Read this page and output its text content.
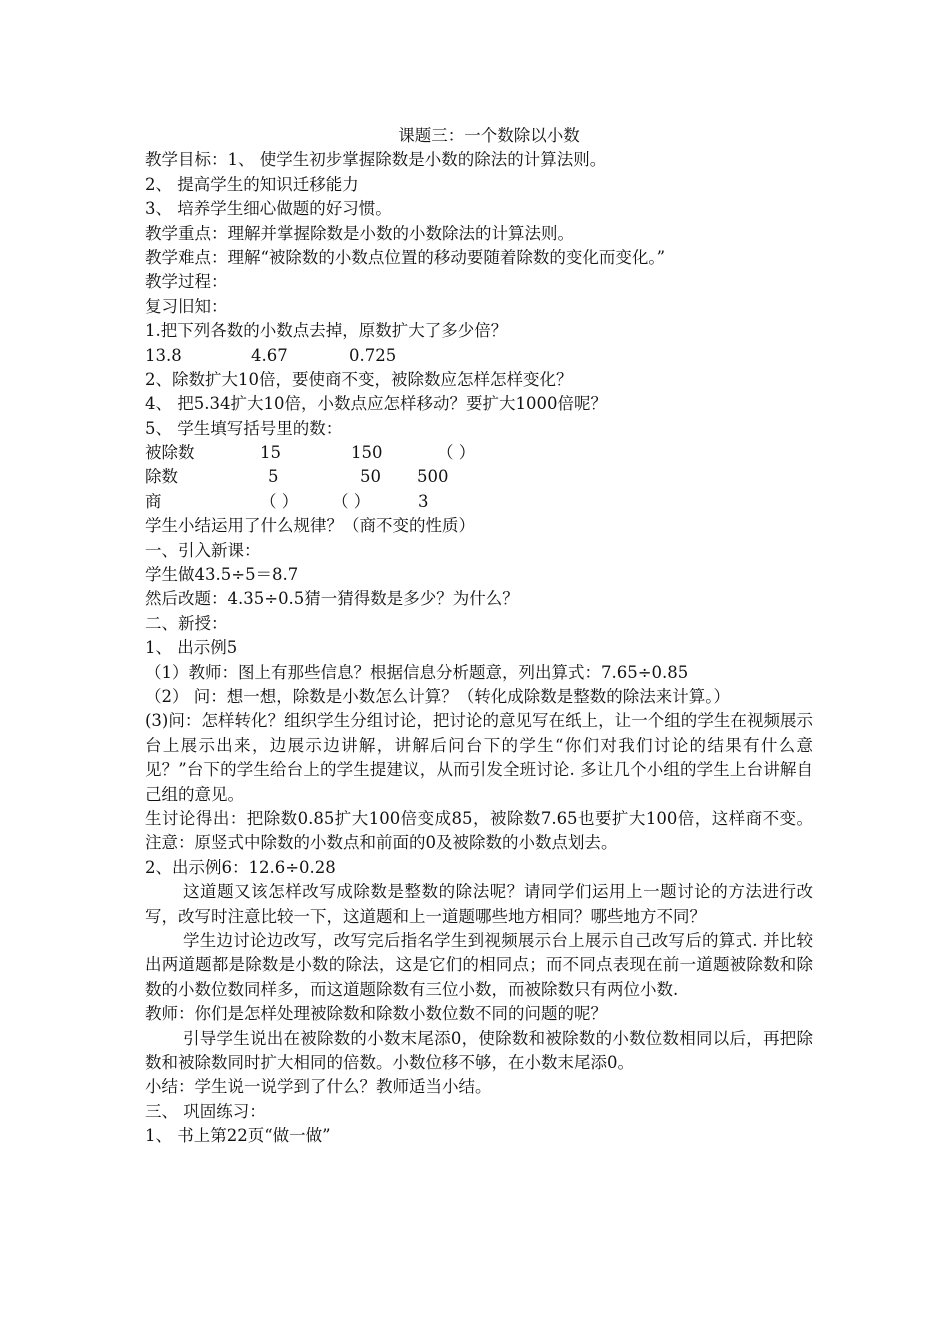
课题三：一个数除以小数
教学目标：1、 使学生初步掌握除数是小数的除法的计算法则。
2、 提高学生的知识迁移能力
3、 培养学生细心做题的好习惯。
教学重点：理解并掌握除数是小数的小数除法的计算法则。
教学难点：理解“被除数的小数点位置的移动要随着除数的变化而变化。”
教学过程：
复习旧知：
1.把下列各数的小数点去掉，原数扩大了多少倍？
13.8	4.67	0.725
2、除数扩大10倍，要使商不变，被除数应怎样怎样变化？
4、 把5.34扩大10倍，小数点应怎样移动？要扩大1000倍呢？
5、 学生填写括号里的数：
被除数	15	150	（ ）
除数	5	50 500
商	（ ） （ ）	3
学生小结运用了什么规律？（商不变的性质）
一、引入新课：
学生做43.5÷5＝8.7
然后改题：4.35÷0.5猜一猜得数是多少？为什么？
二、新授：
1、 出示例5
（1）教师：图上有那些信息？根据信息分析题意，列出算式：7.65÷0.85
（2） 问：想一想，除数是小数怎么计算？（转化成除数是整数的除法来计算。）
(3)问：怎样转化？组织学生分组讨论，把讨论的意见写在纸上，让一个组的学生在视频展示台上展示出来，边展示边讲解，讲解后问台下的学生“你们对我们讨论的结果有什么意见？”台下的学生给台上的学生提建议，从而引发全班讨论. 多让几个小组的学生上台讲解自己组的意见。
生讨论得出：把除数0.85扩大100倍变成85，被除数7.65也要扩大100倍，这样商不变。注意：原竖式中除数的小数点和前面的0及被除数的小数点划去。
2、出示例6：12.6÷0.28
这道题又该怎样改写成除数是整数的除法呢？请同学们运用上一题讨论的方法进行改写，改写时注意比较一下，这道题和上一道题哪些地方相同？哪些地方不同？
学生边讨论边改写，改写完后指名学生到视频展示台上展示自己改写后的算式. 并比较出两道题都是除数是小数的除法，这是它们的相同点；而不同点表现在前一道题被除数和除数的小数位数同样多，而这道题除数有三位小数，而被除数只有两位小数.
教师：你们是怎样处理被除数和除数小数位数不同的问题的呢？
引导学生说出在被除数的小数末尾添0，使除数和被除数的小数位数相同以后，再把除数和被除数同时扩大相同的倍数。小数位移不够，在小数末尾添0。
小结：学生说一说学到了什么？教师适当小结。
三、 巩固练习：
1、 书上第22页“做一做”
